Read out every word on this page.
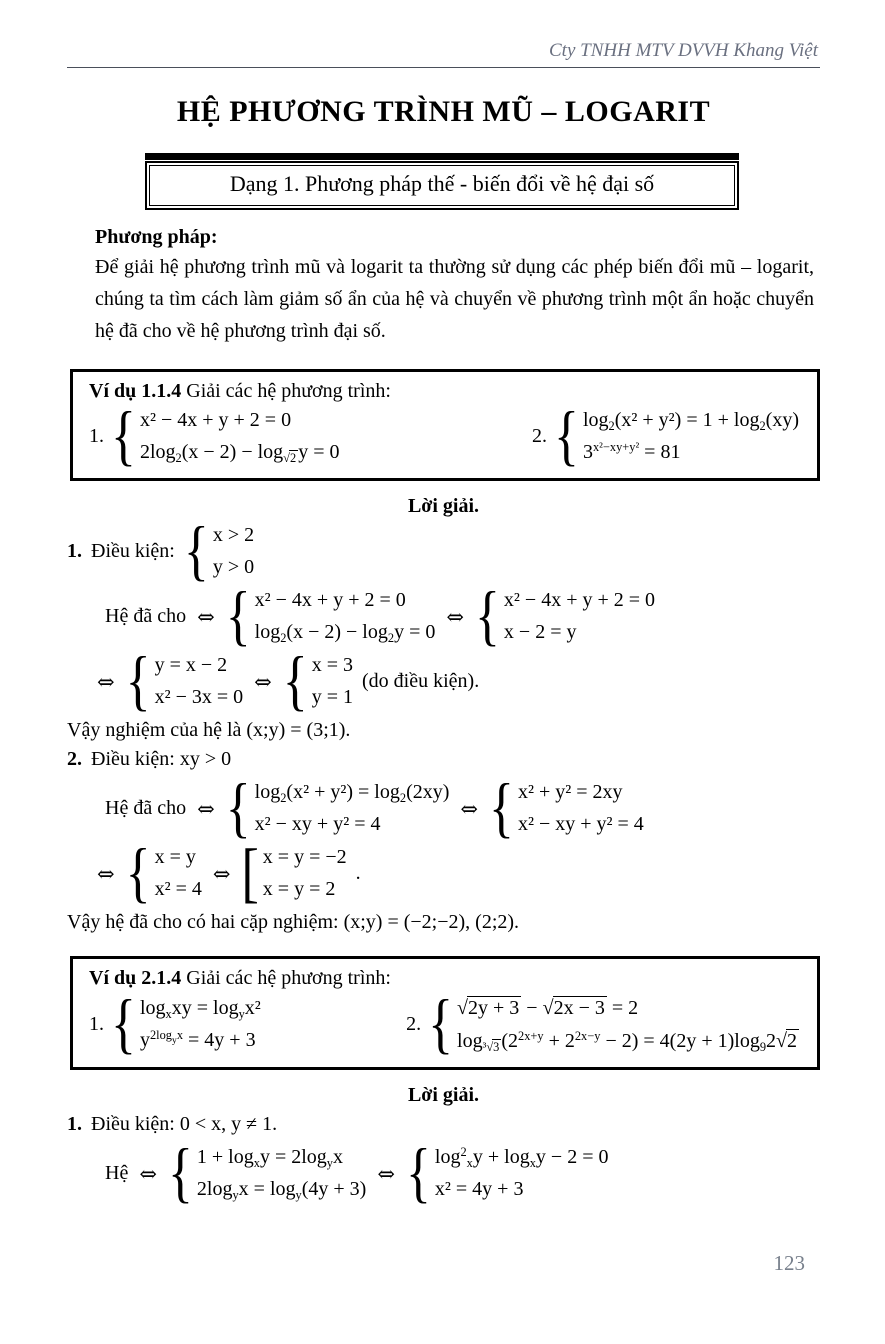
Cty TNHH MTV DVVH Khang Việt
HỆ PHƯƠNG TRÌNH MŨ – LOGARIT
Dạng 1. Phương pháp thế - biến đổi về hệ đại số

Phương pháp:

Để giải hệ phương trình mũ và logarit ta thường sử dụng các phép biến đổi mũ – logarit, chúng ta tìm cách làm giảm số ẩn của hệ và chuyển về phương trình một ẩn hoặc chuyển hệ đã cho về hệ phương trình đại số.

Ví dụ 1.1.4 Giải các hệ phương trình:
1.
{ x² − 4x + y + 2 = 0
$2\log_2(x - 2) - \log_{√2} y = 0$
2.
{ $\log_2(x^2 + y^2) = 1 + \log_2(xy)$
$3^{x^2-xy+y^2} = 81$

Lời giải.

1. Điều kiện:
{ x > 2
y > 0
Hệ đã cho ⇔
{ x² − 4x + y + 2 = 0
$\log_2(x - 2) - \log_2y = 0$
⇔
{ x² − 4x + y + 2 = 0
x − 2 = y
⇔
{ y = x − 2
x² − 3x = 0
⇔
{ x = 3
y = 1
(do điều kiện).
Vậy nghiệm của hệ là (x;y) = (3;1).
2. Điều kiện: xy > 0
Hệ đã cho ⇔
{ $\log_2(x^2 + y^2) = \log_2(2xy)$
x² − xy + y² = 4
⇔
{ x² + y² = 2xy
x² − xy + y² = 4
⇔
{ x = y
x² = 4
⇔
[ x = y = −2
x = y = 2
.
Vậy hệ đã cho có hai cặp nghiệm: (x;y) = (−2;−2), (2;2).
Ví dụ 2.1.4 Giải các hệ phương trình:
1.
{ $\log_xxy = \log_yx^2$
$y^{2log_yx} = 4y + 3$
2.
{ √2y + 3 − √2x − 3 = 2
$\log_{^3√3} (2^{2x+y} + 2^{2x-y} - 2) = 4(2y + 1)\log_92√2$

Lời giải.

1. Điều kiện: 0 < x, y ≠ 1.
Hệ ⇔
{ $1 + \log_xy = 2\log_yx$
$2\log_yx = \log_y(4y + 3)$
⇔
{ $\log^2_xy + \log_xy - 2 = 0$
x² = 4y + 3
123
